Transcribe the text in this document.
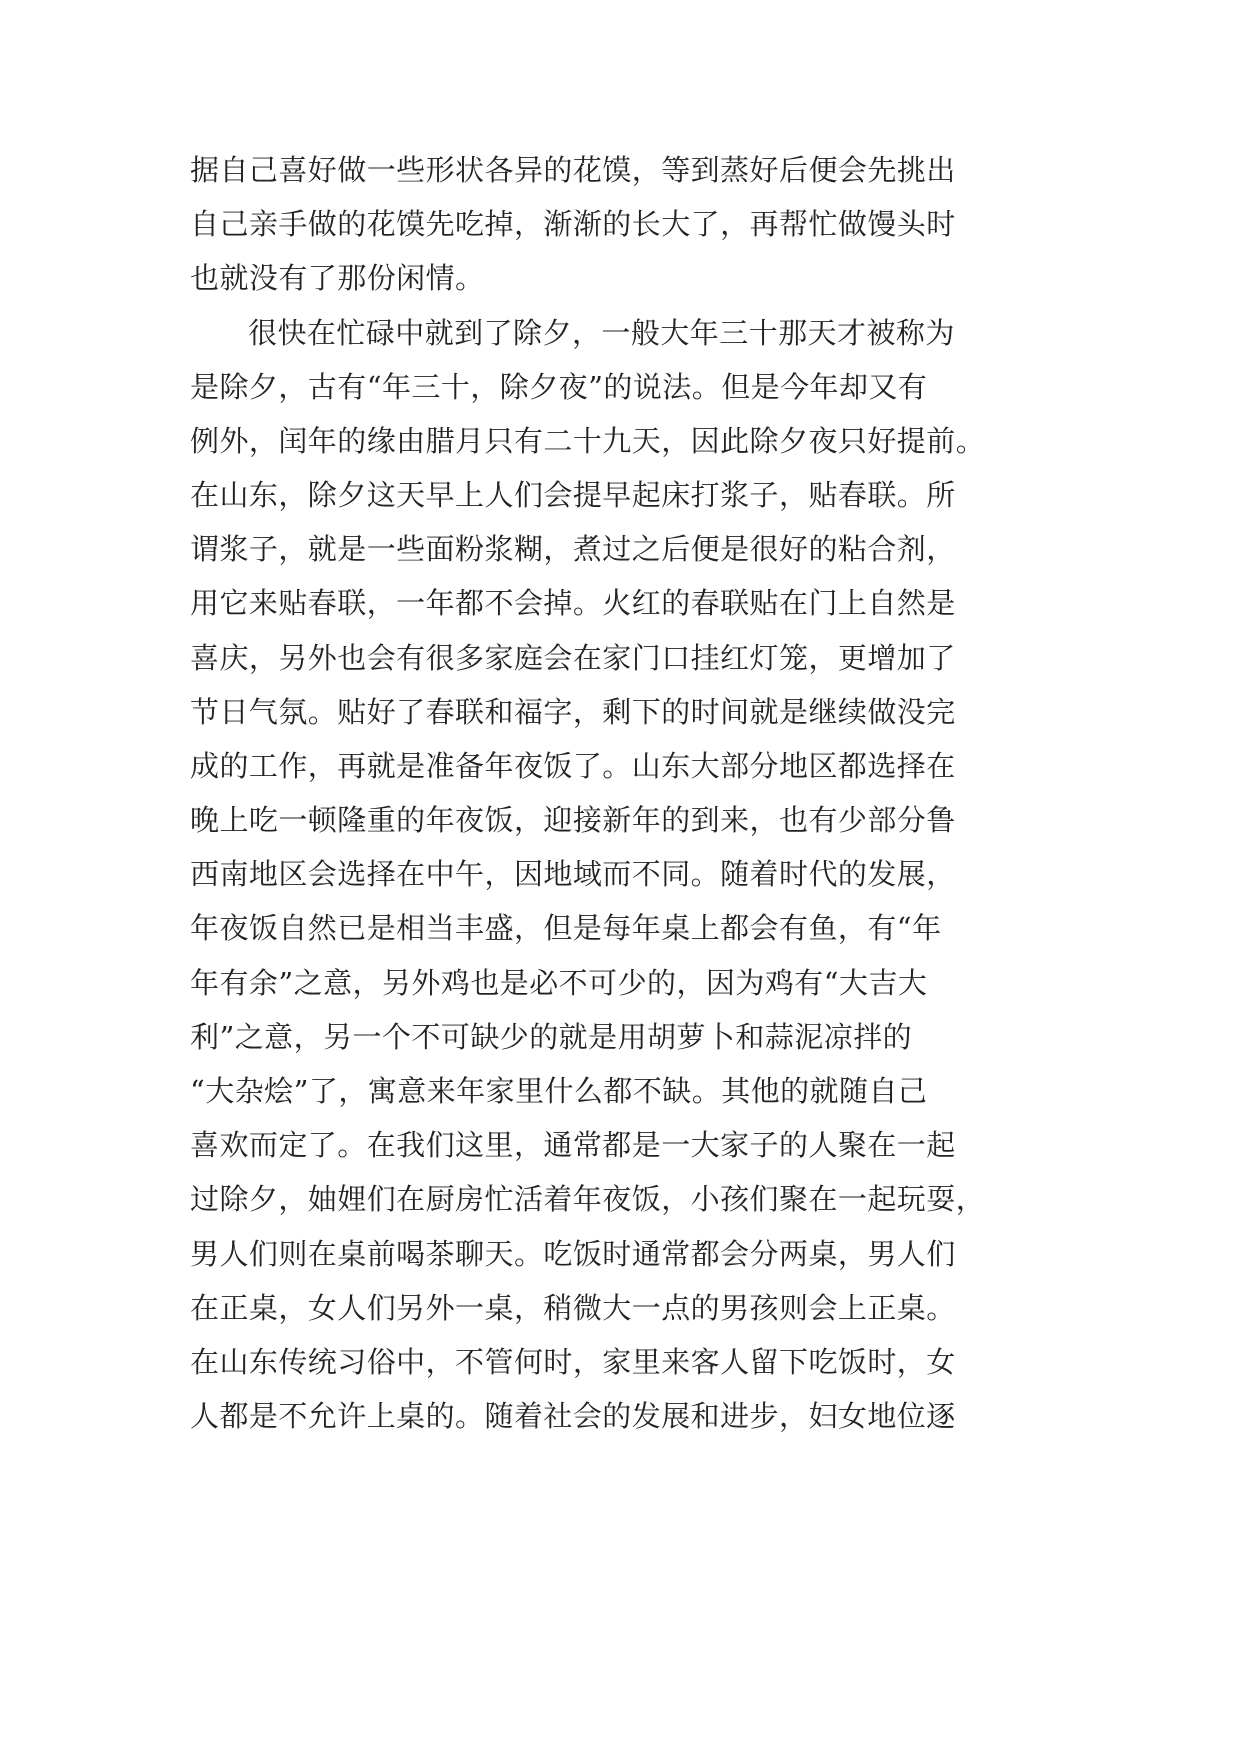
据自己喜好做一些形状各异的花馍，等到蒸好后便会先挑出
自己亲手做的花馍先吃掉，渐渐的长大了，再帮忙做馒头时
也就没有了那份闲情。
很快在忙碌中就到了除夕，一般大年三十那天才被称为
是除夕，古有“年三十，除夕夜”的说法。但是今年却又有
例外，闰年的缘由腊月只有二十九天，因此除夕夜只好提前。
在山东，除夕这天早上人们会提早起床打浆子，贴春联。所
谓浆子，就是一些面粉浆糊，煮过之后便是很好的粘合剂，
用它来贴春联，一年都不会掉。火红的春联贴在门上自然是
喜庆，另外也会有很多家庭会在家门口挂红灯笼，更增加了
节日气氛。贴好了春联和福字，剩下的时间就是继续做没完
成的工作，再就是准备年夜饭了。山东大部分地区都选择在
晚上吃一顿隆重的年夜饭，迎接新年的到来，也有少部分鲁
西南地区会选择在中午，因地域而不同。随着时代的发展，
年夜饭自然已是相当丰盛，但是每年桌上都会有鱼，有“年
年有余”之意，另外鸡也是必不可少的，因为鸡有“大吉大
利”之意，另一个不可缺少的就是用胡萝卜和蒜泥凉拌的
“大杂烩”了，寓意来年家里什么都不缺。其他的就随自己
喜欢而定了。在我们这里，通常都是一大家子的人聚在一起
过除夕，妯娌们在厨房忙活着年夜饭，小孩们聚在一起玩耍，
男人们则在桌前喝茶聊天。吃饭时通常都会分两桌，男人们
在正桌，女人们另外一桌，稍微大一点的男孩则会上正桌。
在山东传统习俗中，不管何时，家里来客人留下吃饭时，女
人都是不允许上桌的。随着社会的发展和进步，妇女地位逐
